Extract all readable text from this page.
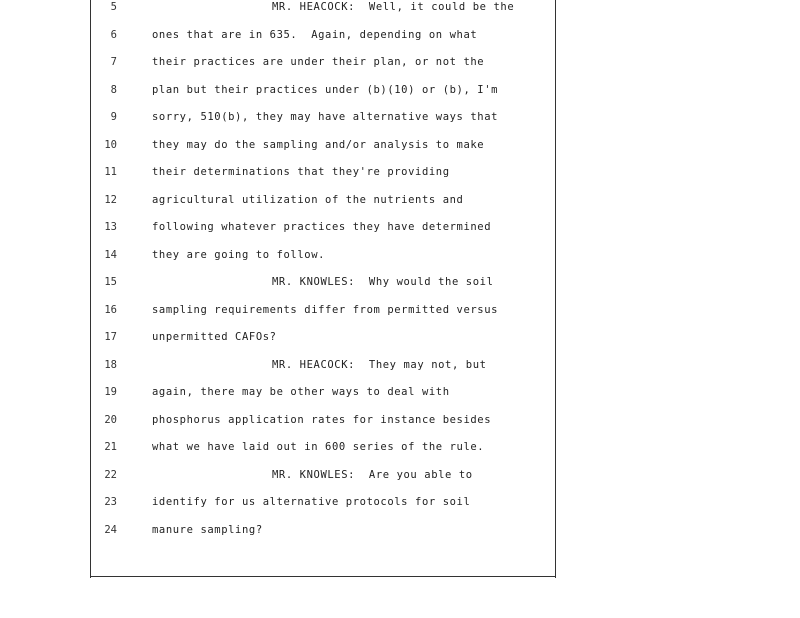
5	MR. HEACOCK:  Well, it could be the
6	ones that are in 635.  Again, depending on what
7	their practices are under their plan, or not the
8	plan but their practices under (b)(10) or (b), I'm
9	sorry, 510(b), they may have alternative ways that
10	they may do the sampling and/or analysis to make
11	their determinations that they're providing
12	agricultural utilization of the nutrients and
13	following whatever practices they have determined
14	they are going to follow.
15	MR. KNOWLES:  Why would the soil
16	sampling requirements differ from permitted versus
17	unpermitted CAFOs?
18	MR. HEACOCK:  They may not, but
19	again, there may be other ways to deal with
20	phosphorus application rates for instance besides
21	what we have laid out in 600 series of the rule.
22	MR. KNOWLES:  Are you able to
23	identify for us alternative protocols for soil
24	manure sampling?
